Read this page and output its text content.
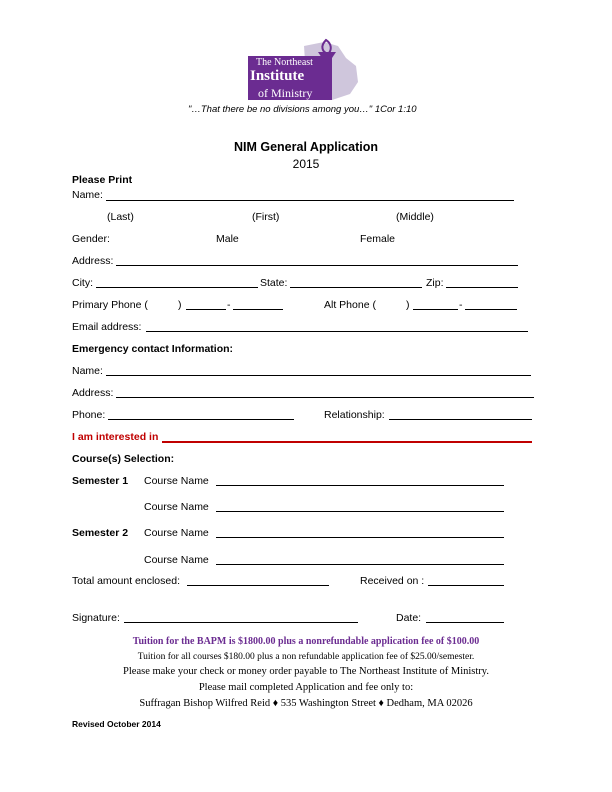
The Northeast
Institute
of Ministry
"…That there be no divisions among you…" 1Cor 1:10
NIM General Application
2015
Please Print
Name:
(Last)	(First)	(Middle)
Gender:	Male	Female
Address:
City:	State:	Zip:
Primary Phone (	)	-	Alt Phone (	)	-
Email address:
Emergency contact Information:
Name:
Address:
Phone:	Relationship:
I am interested in
Course(s) Selection:
Semester 1 Course Name
Course Name
Semester 2 Course Name
Course Name
Total amount enclosed:	Received on :
Signature:	Date:
Tuition for the BAPM is $1800.00 plus a nonrefundable application fee of $100.00
Tuition for all courses $180.00 plus a non refundable application fee of $25.00/semester.
Please make your check or money order payable to The Northeast Institute of Ministry.
Please mail completed Application and fee only to:
Suffragan Bishop Wilfred Reid ♦ 535 Washington Street ♦ Dedham, MA 02026
Revised October 2014
